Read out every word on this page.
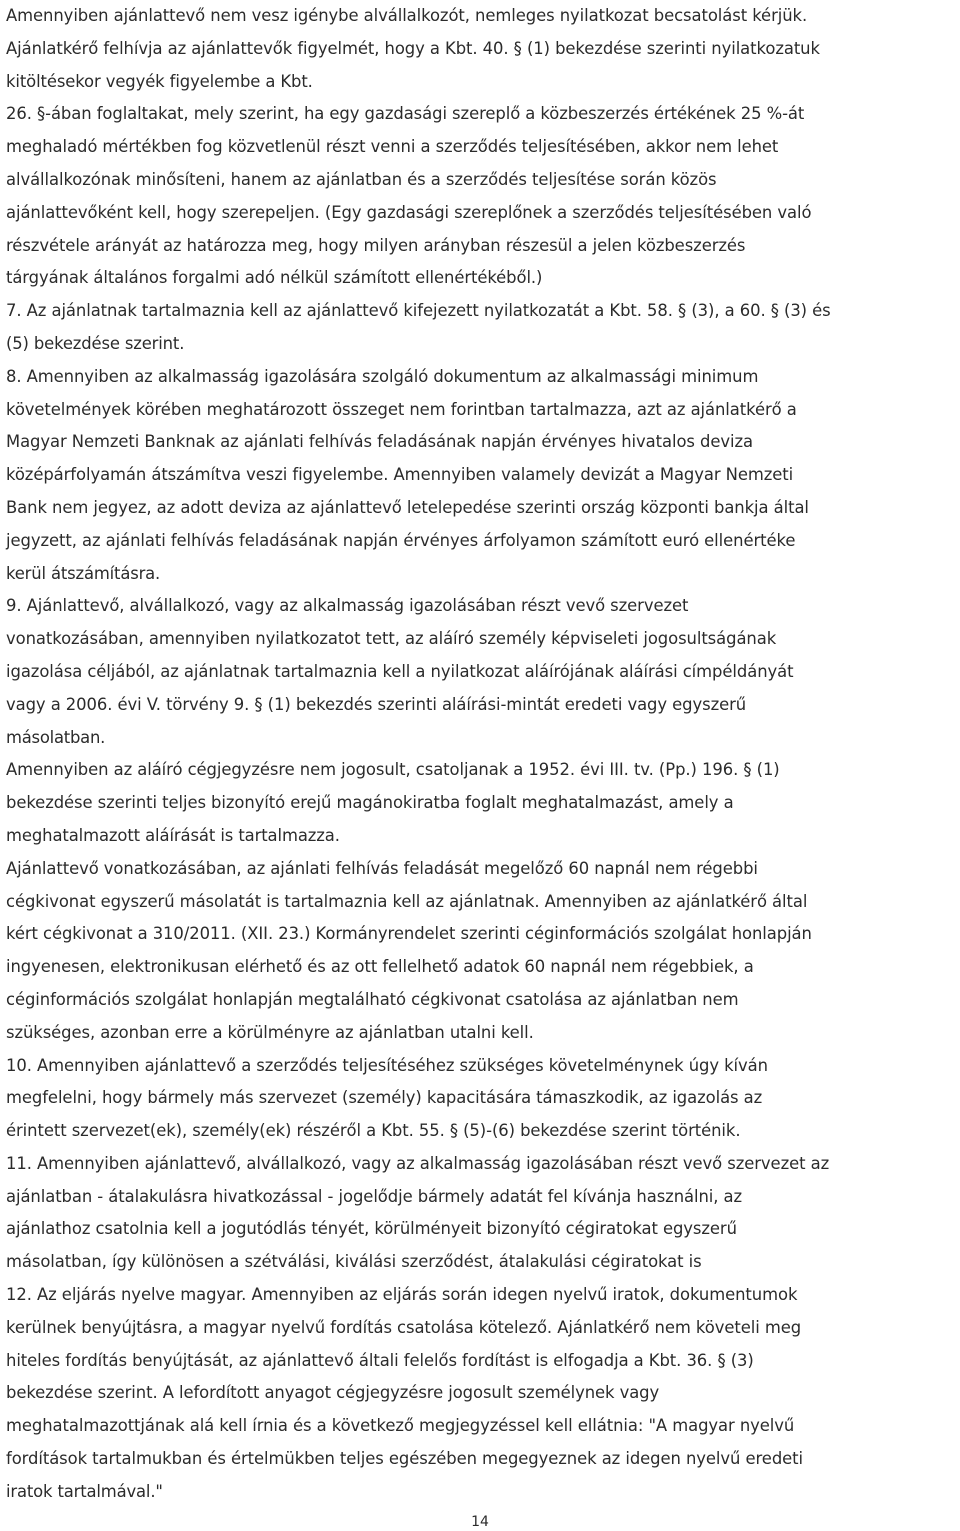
Amennyiben ajánlattevő nem vesz igénybe alvállalkozót, nemleges nyilatkozat becsatolást kérjük.
Ajánlatkérő felhívja az ajánlattevők figyelmét, hogy a Kbt. 40. § (1) bekezdése szerinti nyilatkozatuk
kitöltésekor vegyék figyelembe a Kbt.
26. §-ában foglaltakat, mely szerint, ha egy gazdasági szereplő a közbeszerzés értékének 25 %-át
meghaladó mértékben fog közvetlenül részt venni a szerződés teljesítésében, akkor nem lehet
alvállalkozónak minősíteni, hanem az ajánlatban és a szerződés teljesítése során közös
ajánlattevőként kell, hogy szerepeljen. (Egy gazdasági szereplőnek a szerződés teljesítésében való
részvétele arányát az határozza meg, hogy milyen arányban részesül a jelen közbeszerzés
tárgyának általános forgalmi adó nélkül számított ellenértékéből.)
7. Az ajánlatnak tartalmaznia kell az ajánlattevő kifejezett nyilatkozatát a Kbt. 58. § (3), a 60. § (3) és
(5) bekezdése szerint.
8. Amennyiben az alkalmasság igazolására szolgáló dokumentum az alkalmassági minimum
követelmények körében meghatározott összeget nem forintban tartalmazza, azt az ajánlatkérő a
Magyar Nemzeti Banknak az ajánlati felhívás feladásának napján érvényes hivatalos deviza
középárfolyamán átszámítva veszi figyelembe. Amennyiben valamely devizát a Magyar Nemzeti
Bank nem jegyez, az adott deviza az ajánlattevő letelepedése szerinti ország központi bankja által
jegyzett, az ajánlati felhívás feladásának napján érvényes árfolyamon számított euró ellenértéke
kerül átszámításra.
9. Ajánlattevő, alvállalkozó, vagy az alkalmasság igazolásában részt vevő szervezet
vonatkozásában, amennyiben nyilatkozatot tett, az aláíró személy képviseleti jogosultságának
igazolása céljából, az ajánlatnak tartalmaznia kell a nyilatkozat aláírójának aláírási címpéldányát
vagy a 2006. évi V. törvény 9. § (1) bekezdés szerinti aláírási-mintát eredeti vagy egyszerű
másolatban.
Amennyiben az aláíró cégjegyzésre nem jogosult, csatoljanak a 1952. évi III. tv. (Pp.) 196. § (1)
bekezdése szerinti teljes bizonyító erejű magánokiratba foglalt meghatalmazást, amely a
meghatalmazott aláírását is tartalmazza.
Ajánlattevő vonatkozásában, az ajánlati felhívás feladását megelőző 60 napnál nem régebbi
cégkivonat egyszerű másolatát is tartalmaznia kell az ajánlatnak. Amennyiben az ajánlatkérő által
kért cégkivonat a 310/2011. (XII. 23.) Kormányrendelet szerinti céginformációs szolgálat honlapján
ingyenesen, elektronikusan elérhető és az ott fellelhető adatok 60 napnál nem régebbiek, a
céginformációs szolgálat honlapján megtalálható cégkivonat csatolása az ajánlatban nem
szükséges, azonban erre a körülményre az ajánlatban utalni kell.
10. Amennyiben ajánlattevő a szerződés teljesítéséhez szükséges követelménynek úgy kíván
megfelelni, hogy bármely más szervezet (személy) kapacitására támaszkodik, az igazolás az
érintett szervezet(ek), személy(ek) részéről a Kbt. 55. § (5)-(6) bekezdése szerint történik.
11. Amennyiben ajánlattevő, alvállalkozó, vagy az alkalmasság igazolásában részt vevő szervezet az
ajánlatban - átalakulásra hivatkozással - jogelődje bármely adatát fel kívánja használni, az
ajánlathoz csatolnia kell a jogutódlás tényét, körülményeit bizonyító cégiratokat egyszerű
másolatban, így különösen a szétválási, kiválási szerződést, átalakulási cégiratokat is
12. Az eljárás nyelve magyar. Amennyiben az eljárás során idegen nyelvű iratok, dokumentumok
kerülnek benyújtásra, a magyar nyelvű fordítás csatolása kötelező. Ajánlatkérő nem követeli meg
hiteles fordítás benyújtását, az ajánlattevő általi felelős fordítást is elfogadja a Kbt. 36. § (3)
bekezdése szerint. A lefordított anyagot cégjegyzésre jogosult személynek vagy
meghatalmazottjának alá kell írnia és a következő megjegyzéssel kell ellátnia: "A magyar nyelvű
fordítások tartalmukban és értelmükben teljes egészében megegyeznek az idegen nyelvű eredeti
iratok tartalmával."
14
